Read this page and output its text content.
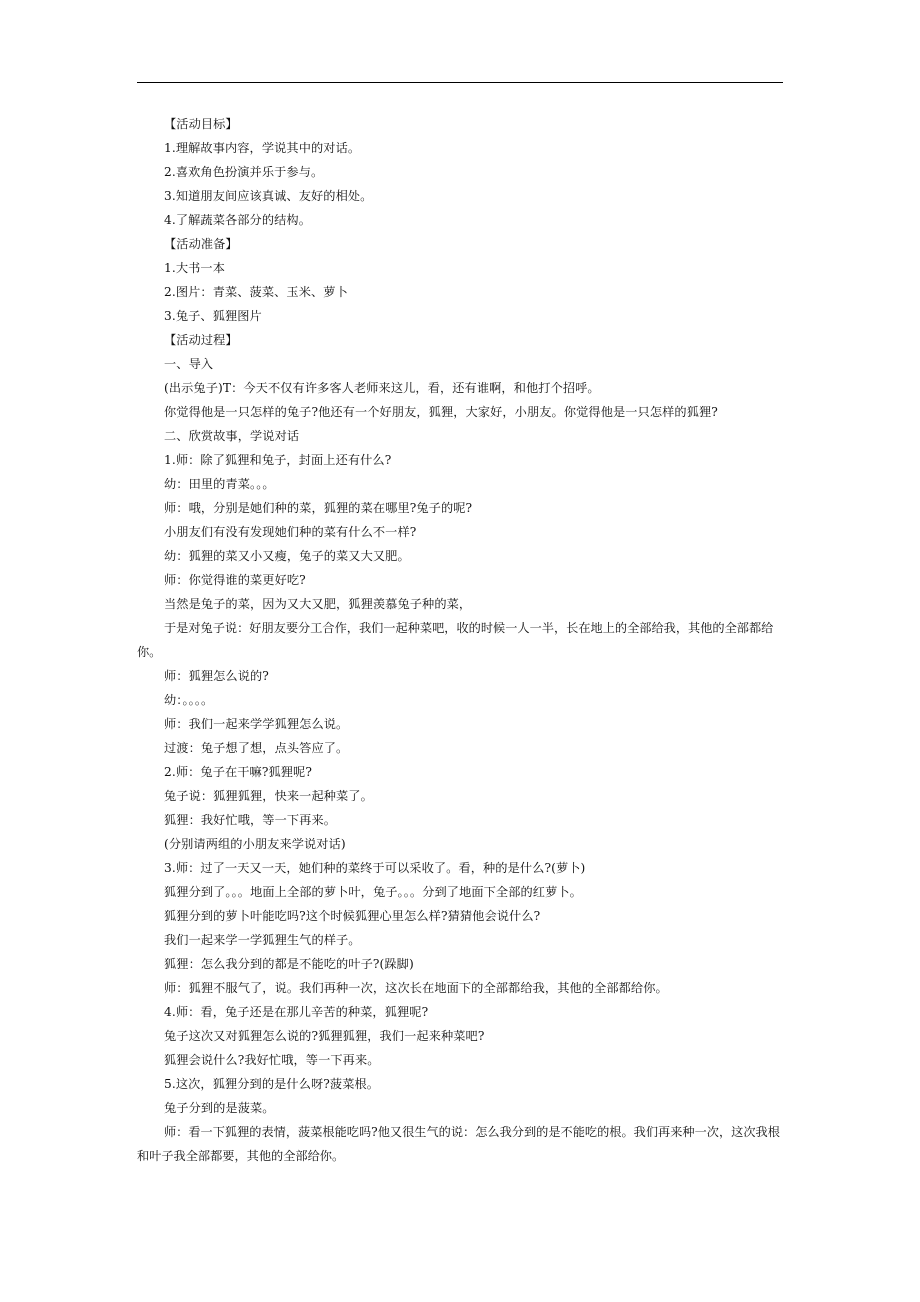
【活动目标】
1.理解故事内容，学说其中的对话。
2.喜欢角色扮演并乐于参与。
3.知道朋友间应该真诚、友好的相处。
4.了解蔬菜各部分的结构。
【活动准备】
1.大书一本
2.图片：青菜、菠菜、玉米、萝卜
3.兔子、狐狸图片
【活动过程】
一、导入
(出示兔子)T：今天不仅有许多客人老师来这儿，看，还有谁啊，和他打个招呼。
你觉得他是一只怎样的兔子?他还有一个好朋友，狐狸，大家好，小朋友。你觉得他是一只怎样的狐狸?
二、欣赏故事，学说对话
1.师：除了狐狸和兔子，封面上还有什么?
幼：田里的青菜。。。
师：哦，分别是她们种的菜，狐狸的菜在哪里?兔子的呢?
小朋友们有没有发现她们种的菜有什么不一样?
幼：狐狸的菜又小又瘦，兔子的菜又大又肥。
师：你觉得谁的菜更好吃?
当然是兔子的菜，因为又大又肥，狐狸羡慕兔子种的菜，
于是对兔子说：好朋友要分工合作，我们一起种菜吧，收的时候一人一半，长在地上的全部给我，其他的全部都给你。
师：狐狸怎么说的?
幼：。。。。
师：我们一起来学学狐狸怎么说。
过渡：兔子想了想，点头答应了。
2.师：兔子在干嘛?狐狸呢?
兔子说：狐狸狐狸，快来一起种菜了。
狐狸：我好忙哦，等一下再来。
(分别请两组的小朋友来学说对话)
3.师：过了一天又一天，她们种的菜终于可以采收了。看，种的是什么?(萝卜)
狐狸分到了。。。地面上全部的萝卜叶，兔子。。。分到了地面下全部的红萝卜。
狐狸分到的萝卜叶能吃吗?这个时候狐狸心里怎么样?猜猜他会说什么?
我们一起来学一学狐狸生气的样子。
狐狸：怎么我分到的都是不能吃的叶子?(跺脚)
师：狐狸不服气了，说。我们再种一次，这次长在地面下的全部都给我，其他的全部都给你。
4.师：看，兔子还是在那儿辛苦的种菜，狐狸呢?
兔子这次又对狐狸怎么说的?狐狸狐狸，我们一起来种菜吧?
狐狸会说什么?我好忙哦，等一下再来。
5.这次，狐狸分到的是什么呀?菠菜根。
兔子分到的是菠菜。
师：看一下狐狸的表情，菠菜根能吃吗?他又很生气的说：怎么我分到的是不能吃的根。我们再来种一次，这次我根和叶子我全部都要，其他的全部给你。
